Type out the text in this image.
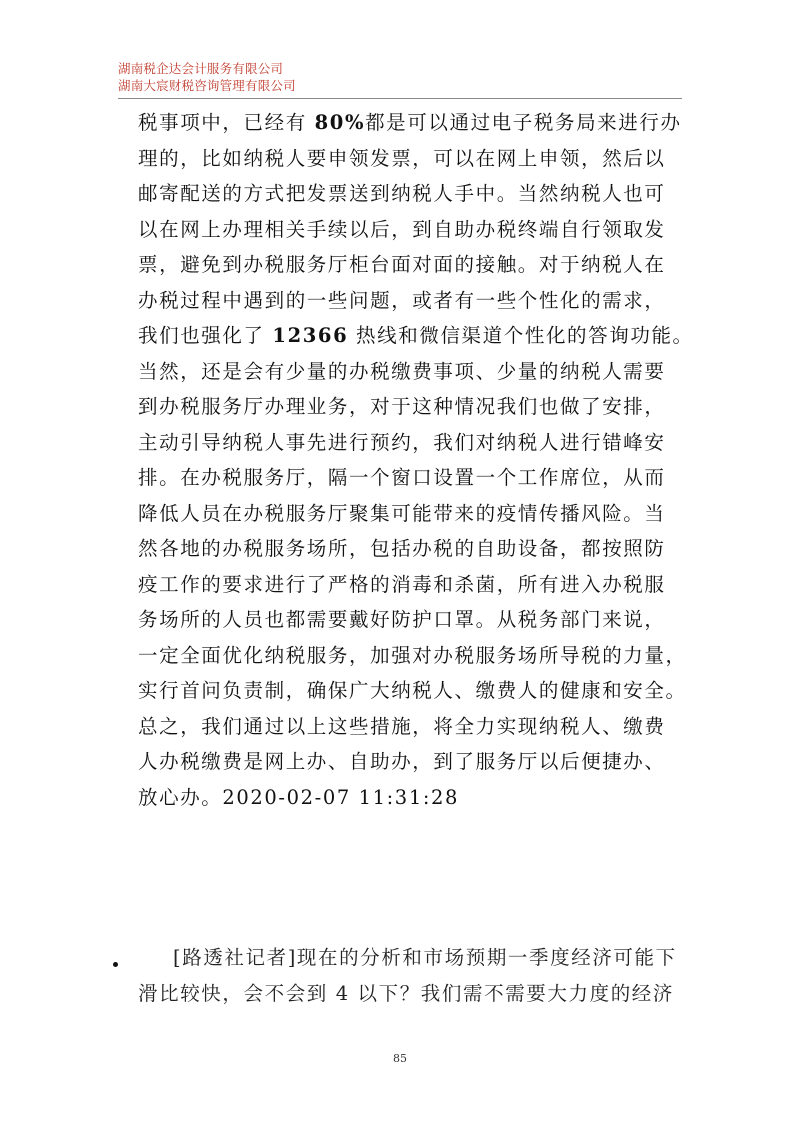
湖南税企达会计服务有限公司
湖南大宸财税咨询管理有限公司
税事项中，已经有 80%都是可以通过电子税务局来进行办
理的，比如纳税人要申领发票，可以在网上申领，然后以
邮寄配送的方式把发票送到纳税人手中。当然纳税人也可
以在网上办理相关手续以后，到自助办税终端自行领取发
票，避免到办税服务厅柜台面对面的接触。对于纳税人在
办税过程中遇到的一些问题，或者有一些个性化的需求，
我们也强化了 12366 热线和微信渠道个性化的答询功能。
当然，还是会有少量的办税缴费事项、少量的纳税人需要
到办税服务厅办理业务，对于这种情况我们也做了安排，
主动引导纳税人事先进行预约，我们对纳税人进行错峰安
排。在办税服务厅，隔一个窗口设置一个工作席位，从而
降低人员在办税服务厅聚集可能带来的疫情传播风险。当
然各地的办税服务场所，包括办税的自助设备，都按照防
疫工作的要求进行了严格的消毒和杀菌，所有进入办税服
务场所的人员也都需要戴好防护口罩。从税务部门来说，
一定全面优化纳税服务，加强对办税服务场所导税的力量，
实行首问负责制，确保广大纳税人、缴费人的健康和安全。
总之，我们通过以上这些措施，将全力实现纳税人、缴费
人办税缴费是网上办、自助办，到了服务厅以后便捷办、
放心办。2020-02-07 11:31:28
[路透社记者]现在的分析和市场预期一季度经济可能下
滑比较快，会不会到 4 以下？我们需不需要大力度的经济
85
